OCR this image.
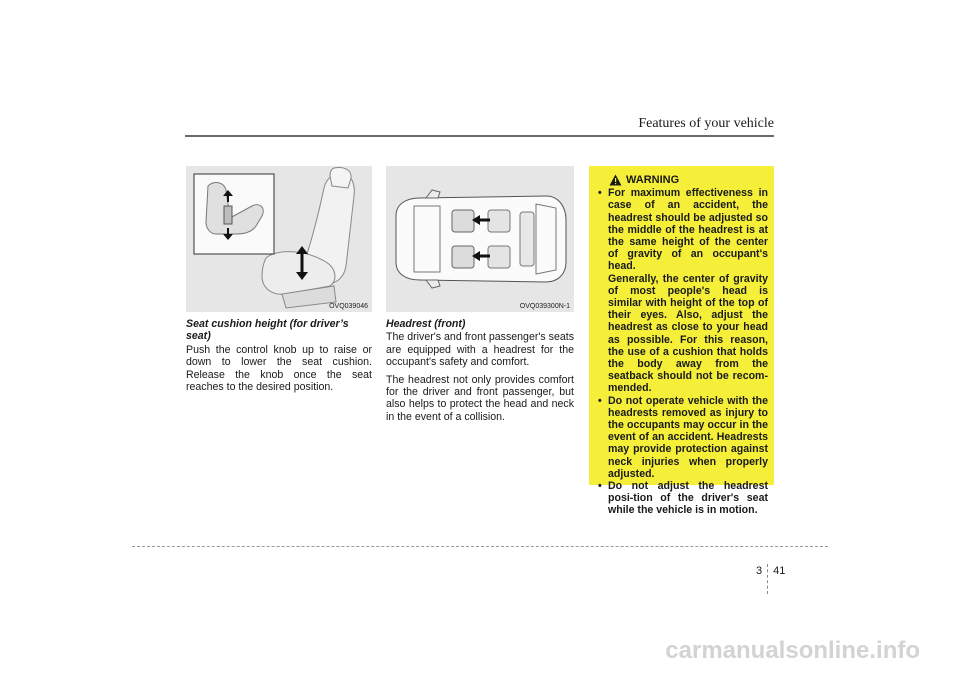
Features of your vehicle
OVQ039046	OVQ039300N-1
Seat cushion height (for driver’s seat)

Push the control knob up to raise or down to lower the seat cushion. Release the knob once the seat reaches to the desired position.

Headrest (front)

The driver's and front passenger's seats are equipped with a headrest for the occupant's safety and comfort.

The headrest not only provides comfort for the driver and front passenger, but also helps to protect the head and neck in the event of a collision.

WARNING
• For maximum effectiveness in case of an accident, the headrest should be adjusted so the middle of the headrest is at the same height of the center of gravity of an occupant's head.

Generally, the center of gravity of most people's head is similar with height of the top of their eyes. Also, adjust the headrest as close to your head as possible. For this reason, the use of a cushion that holds the body away from the seatback should not be recom-mended.

• Do not operate vehicle with the headrests removed as injury to the occupants may occur in the event of an accident. Headrests may provide protection against neck injuries when properly adjusted.
• Do not adjust the headrest posi-tion of the driver's seat while the vehicle is in motion.
3 41
carmanualsonline.info
